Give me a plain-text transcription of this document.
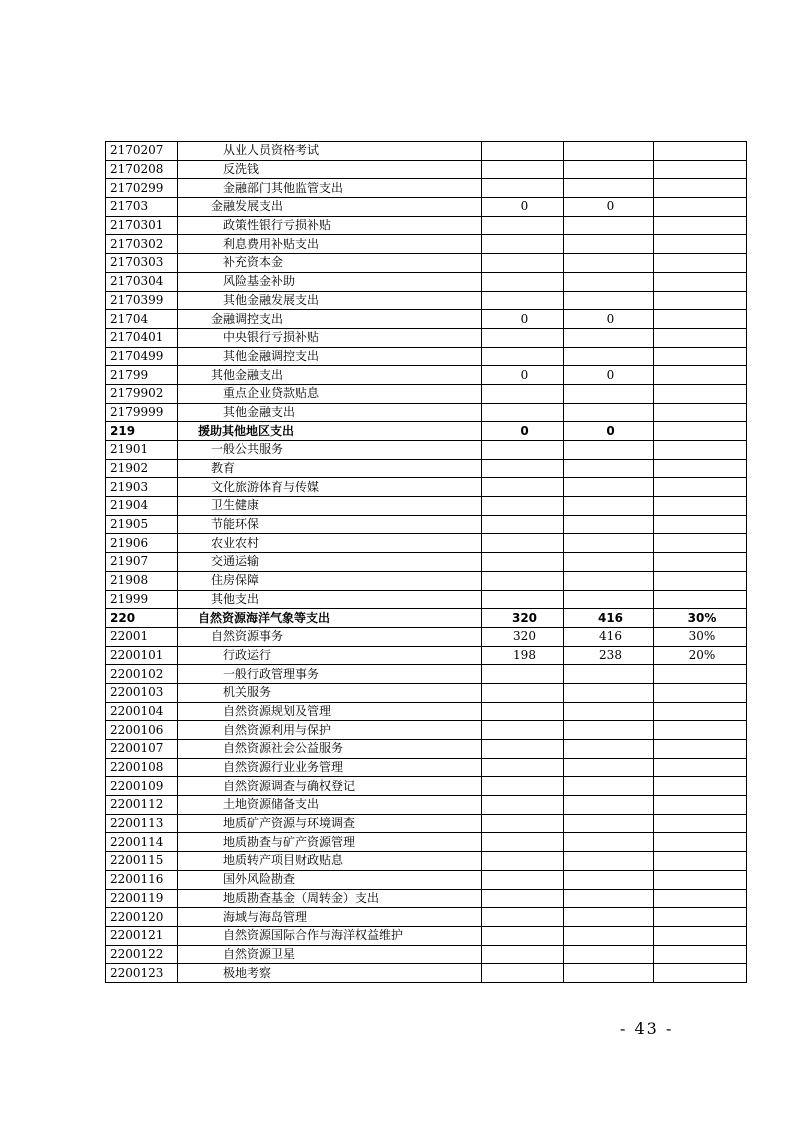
2170207	从业人员资格考试			
2170208	反洗钱			
2170299	金融部门其他监管支出			
21703	金融发展支出	0	0	
2170301	政策性银行亏损补贴			
2170302	利息费用补贴支出			
2170303	补充资本金			
2170304	风险基金补助			
2170399	其他金融发展支出			
21704	金融调控支出	0	0	
2170401	中央银行亏损补贴			
2170499	其他金融调控支出			
21799	其他金融支出	0	0	
2179902	重点企业贷款贴息			
2179999	其他金融支出			
219	援助其他地区支出	0	0	
21901	一般公共服务			
21902	教育			
21903	文化旅游体育与传媒			
21904	卫生健康			
21905	节能环保			
21906	农业农村			
21907	交通运输			
21908	住房保障			
21999	其他支出			
220	自然资源海洋气象等支出	320	416	30%
22001	自然资源事务	320	416	30%
2200101	行政运行	198	238	20%
2200102	一般行政管理事务			
2200103	机关服务			
2200104	自然资源规划及管理			
2200106	自然资源利用与保护			
2200107	自然资源社会公益服务			
2200108	自然资源行业业务管理			
2200109	自然资源调查与确权登记			
2200112	土地资源储备支出			
2200113	地质矿产资源与环境调查			
2200114	地质勘查与矿产资源管理			
2200115	地质转产项目财政贴息			
2200116	国外风险勘查			
2200119	地质勘查基金（周转金）支出			
2200120	海域与海岛管理			
2200121	自然资源国际合作与海洋权益维护			
2200122	自然资源卫星			
2200123	极地考察			
- 43 -
